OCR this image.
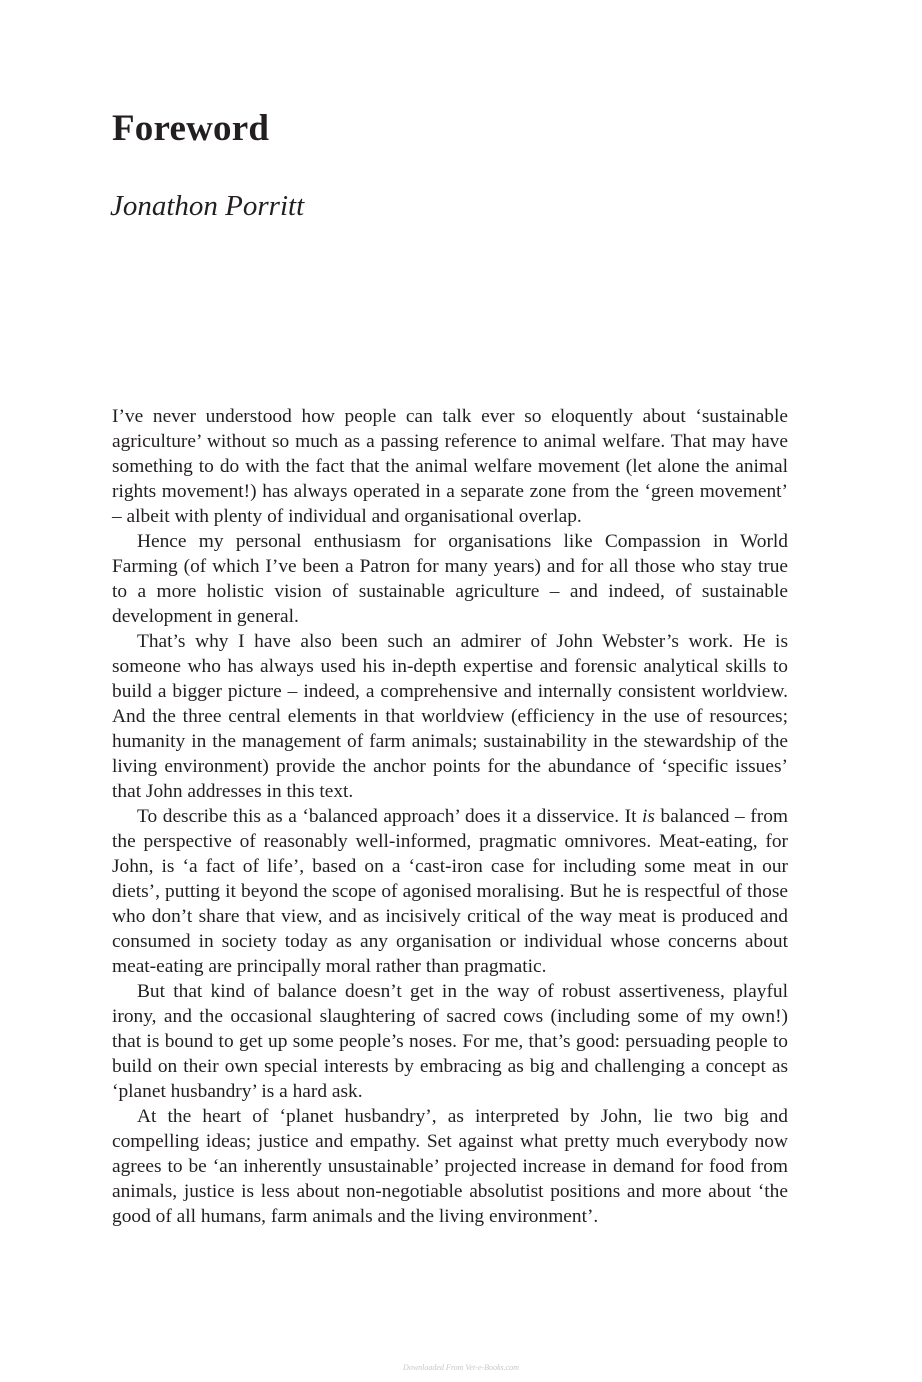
Foreword
Jonathon Porritt

I’ve never understood how people can talk ever so eloquently about ‘sustainable agriculture’ without so much as a passing reference to animal welfare. That may have something to do with the fact that the animal welfare movement (let alone the animal rights movement!) has always operated in a separate zone from the ‘green movement’ – albeit with plenty of individual and organisational overlap.

Hence my personal enthusiasm for organisations like Compassion in World Farming (of which I’ve been a Patron for many years) and for all those who stay true to a more holistic vision of sustainable agriculture – and indeed, of sustainable development in general.

That’s why I have also been such an admirer of John Webster’s work. He is someone who has always used his in-depth expertise and forensic analytical skills to build a bigger picture – indeed, a comprehensive and internally consistent worldview. And the three central elements in that worldview (efficiency in the use of resources; humanity in the management of farm animals; sustainability in the stewardship of the living environment) provide the anchor points for the abundance of ‘specific issues’ that John addresses in this text.

To describe this as a ‘balanced approach’ does it a disservice. It is balanced – from the perspective of reasonably well-informed, pragmatic omnivores. Meat-eating, for John, is ‘a fact of life’, based on a ‘cast-iron case for including some meat in our diets’, putting it beyond the scope of agonised moralising. But he is respectful of those who don’t share that view, and as incisively critical of the way meat is produced and consumed in society today as any organisation or individual whose concerns about meat-eating are principally moral rather than pragmatic.

But that kind of balance doesn’t get in the way of robust assertiveness, playful irony, and the occasional slaughtering of sacred cows (including some of my own!) that is bound to get up some people’s noses. For me, that’s good: persuading people to build on their own special interests by embracing as big and challenging a concept as ‘planet husbandry’ is a hard ask.

At the heart of ‘planet husbandry’, as interpreted by John, lie two big and compelling ideas; justice and empathy. Set against what pretty much everybody now agrees to be ‘an inherently unsustainable’ projected increase in demand for food from animals, justice is less about non-negotiable absolutist positions and more about ‘the good of all humans, farm animals and the living environment’.

Downloaded From Vet-e-Books.com
